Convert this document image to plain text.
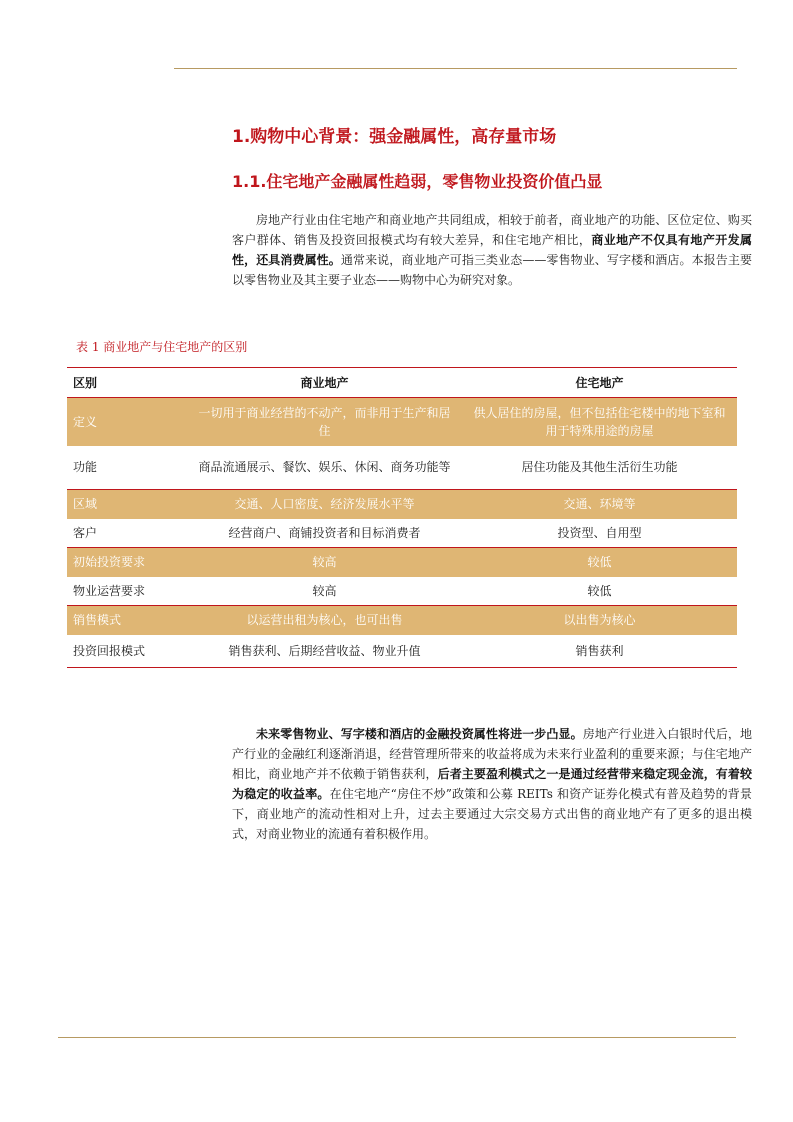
1.购物中心背景：强金融属性，高存量市场
1.1.住宅地产金融属性趋弱，零售物业投资价值凸显

房地产行业由住宅地产和商业地产共同组成，相较于前者，商业地产的功能、区位定位、购买客户群体、销售及投资回报模式均有较大差异，和住宅地产相比，商业地产不仅具有地产开发属性，还具消费属性。通常来说，商业地产可指三类业态——零售物业、写字楼和酒店。本报告主要以零售物业及其主要子业态——购物中心为研究对象。

表 1 商业地产与住宅地产的区别
区别	商业地产	住宅地产
定义	一切用于商业经营的不动产，而非用于生产和居住	供人居住的房屋，但不包括住宅楼中的地下室和用于特殊用途的房屋
功能	商品流通展示、餐饮、娱乐、休闲、商务功能等	居住功能及其他生活衍生功能
区域	交通、人口密度、经济发展水平等	交通、环境等
客户	经营商户、商铺投资者和目标消费者	投资型、自用型
初始投资要求	较高	较低
物业运营要求	较高	较低
销售模式	以运营出租为核心，也可出售	以出售为核心
投资回报模式	销售获利、后期经营收益、物业升值	销售获利

未来零售物业、写字楼和酒店的金融投资属性将进一步凸显。房地产行业进入白银时代后，地产行业的金融红利逐渐消退，经营管理所带来的收益将成为未来行业盈利的重要来源；与住宅地产相比，商业地产并不依赖于销售获利，后者主要盈利模式之一是通过经营带来稳定现金流，有着较为稳定的收益率。在住宅地产“房住不炒”政策和公募 REITs 和资产证券化模式有普及趋势的背景下，商业地产的流动性相对上升，过去主要通过大宗交易方式出售的商业地产有了更多的退出模式，对商业物业的流通有着积极作用。
